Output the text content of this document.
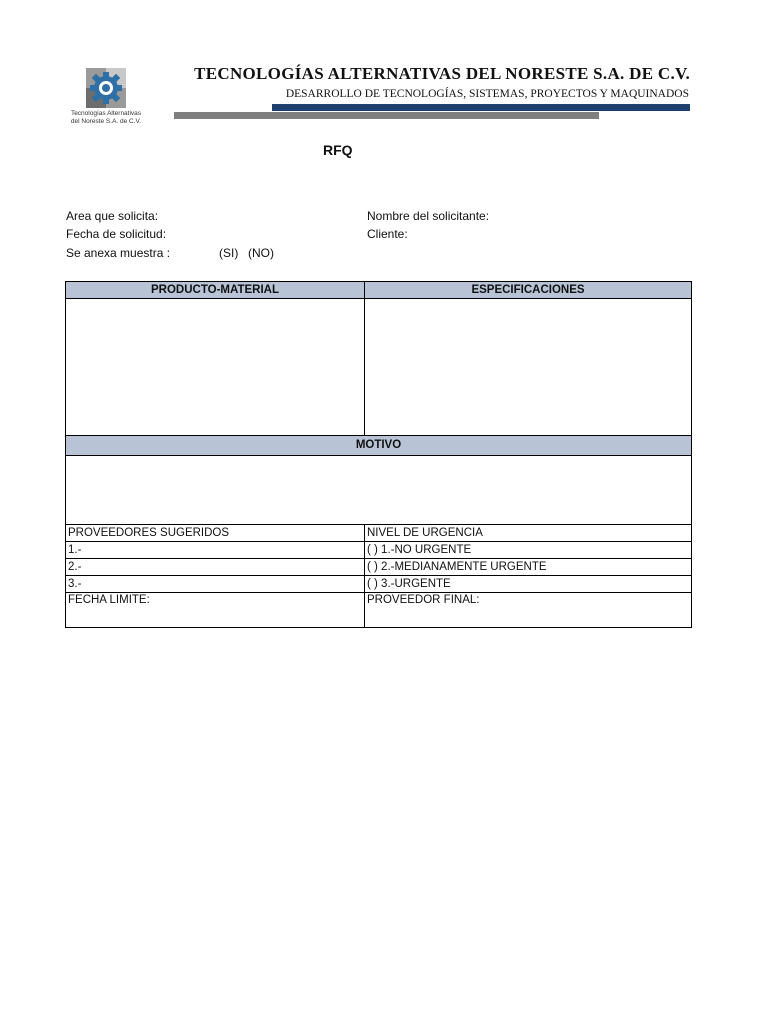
Tecnologías Alternativas
del Noreste S.A. de C.V.
TECNOLOGÍAS ALTERNATIVAS DEL NORESTE S.A. DE C.V.
DESARROLLO DE TECNOLOGÍAS, SISTEMAS, PROYECTOS Y MAQUINADOS
RFQ
Area que solicita:
Fecha de solicitud:
Se anexa muestra :	(SI) (NO)
Nombre del solicitante:
Cliente:
PRODUCTO-MATERIAL	ESPECIFICACIONES

MOTIVO	

PROVEEDORES SUGERIDOS	NIVEL DE URGENCIA
1.-	( ) 1.-NO URGENTE
2.-	( ) 2.-MEDIANAMENTE URGENTE
3.-	( ) 3.-URGENTE
FECHA LIMITE:	PROVEEDOR FINAL:
